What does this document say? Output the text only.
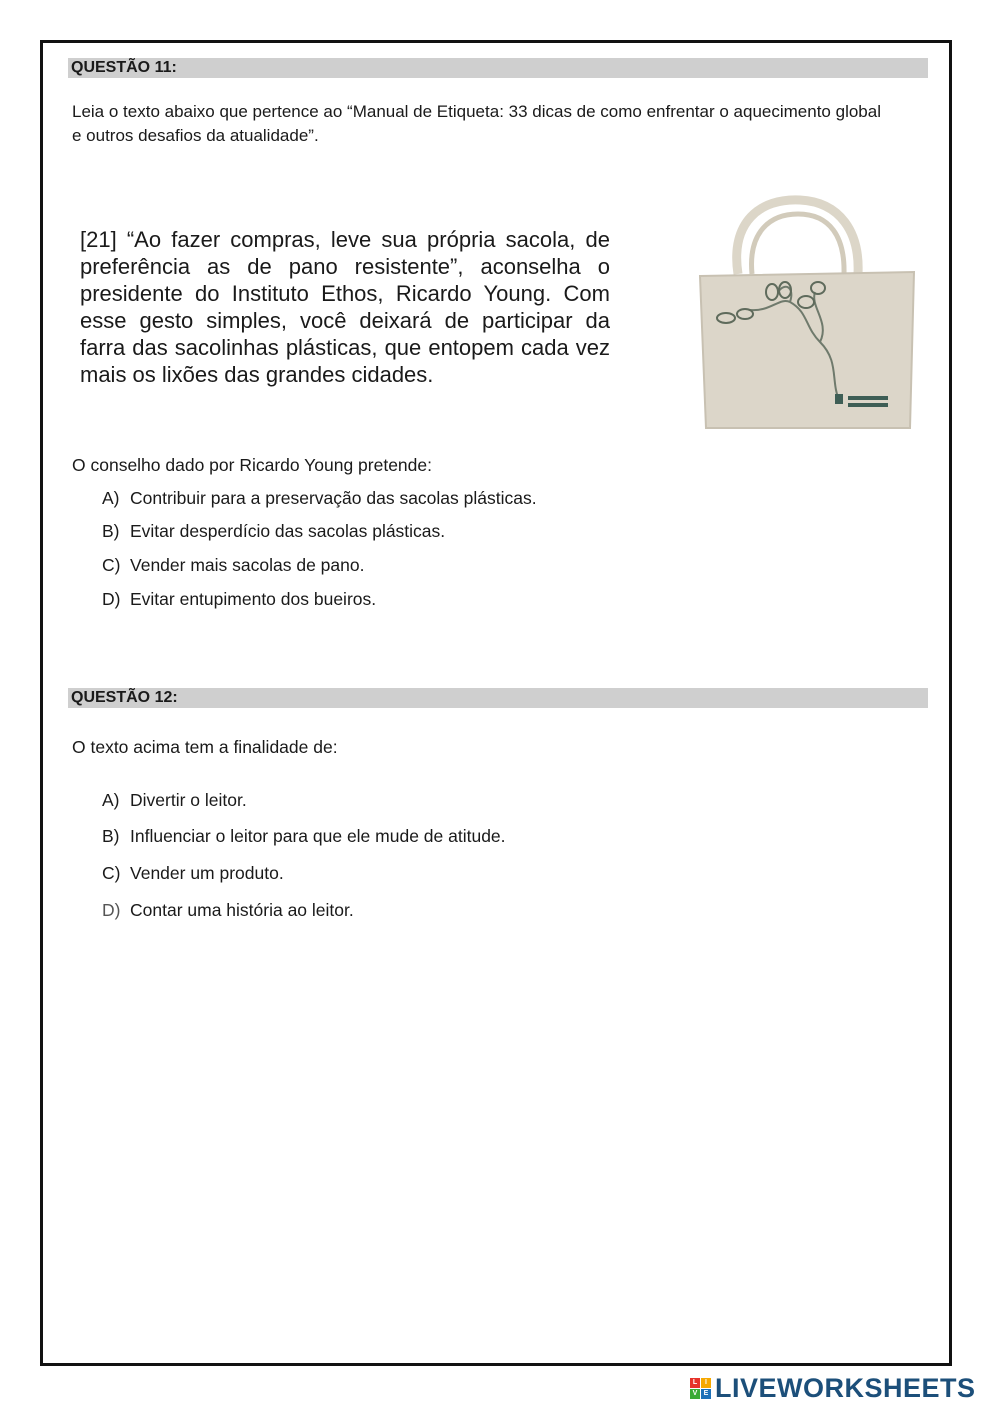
QUESTÃO 11:
Leia o texto abaixo que pertence ao “Manual de Etiqueta: 33 dicas de como enfrentar o aquecimento global e outros desafios da atualidade”.
[21] “Ao fazer compras, leve sua própria sacola, de preferência as de pano resistente”, aconselha o presidente do Instituto Ethos, Ricardo Young. Com esse gesto simples, você deixará de participar da farra das sacolinhas plásticas, que entopem cada vez mais os lixões das grandes cidades.
O conselho dado por Ricardo Young pretende:
A) Contribuir para a preservação das sacolas plásticas.
B) Evitar desperdício das sacolas plásticas.
C) Vender mais sacolas de pano.
D) Evitar entupimento dos bueiros.
QUESTÃO 12:
O texto acima tem a finalidade de:
A) Divertir o leitor.
B) Influenciar o leitor para que ele mude de atitude.
C) Vender um produto.
D) Contar uma história ao leitor.
L	I
V E LIVEWORKSHEETS
